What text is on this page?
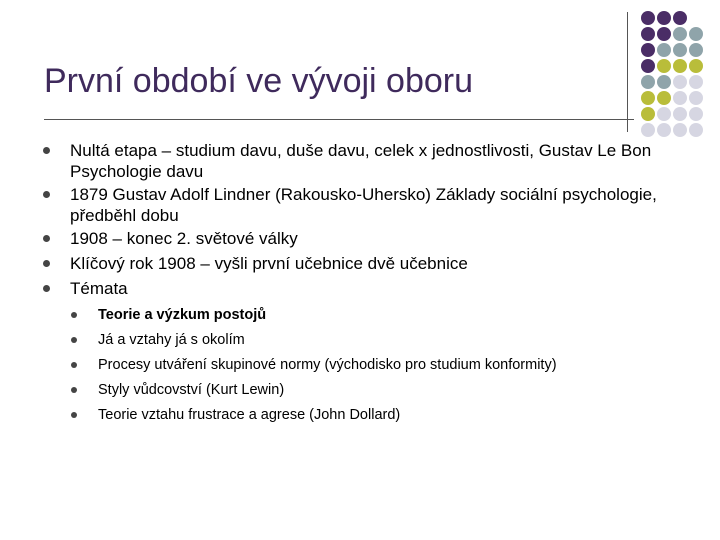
První období ve vývoji oboru
Nultá etapa – studium davu, duše davu, celek x jednostlivosti, Gustav Le Bon Psychologie davu
1879 Gustav Adolf Lindner (Rakousko-Uhersko) Základy sociální psychologie, předběhl dobu
1908 – konec 2. světové války
Klíčový rok 1908 – vyšli první učebnice dvě učebnice
Témata
Teorie a výzkum postojů
Já a vztahy já s okolím
Procesy utváření skupinové normy (východisko pro studium konformity)
Styly vůdcovství (Kurt Lewin)
Teorie vztahu frustrace a agrese (John Dollard)
